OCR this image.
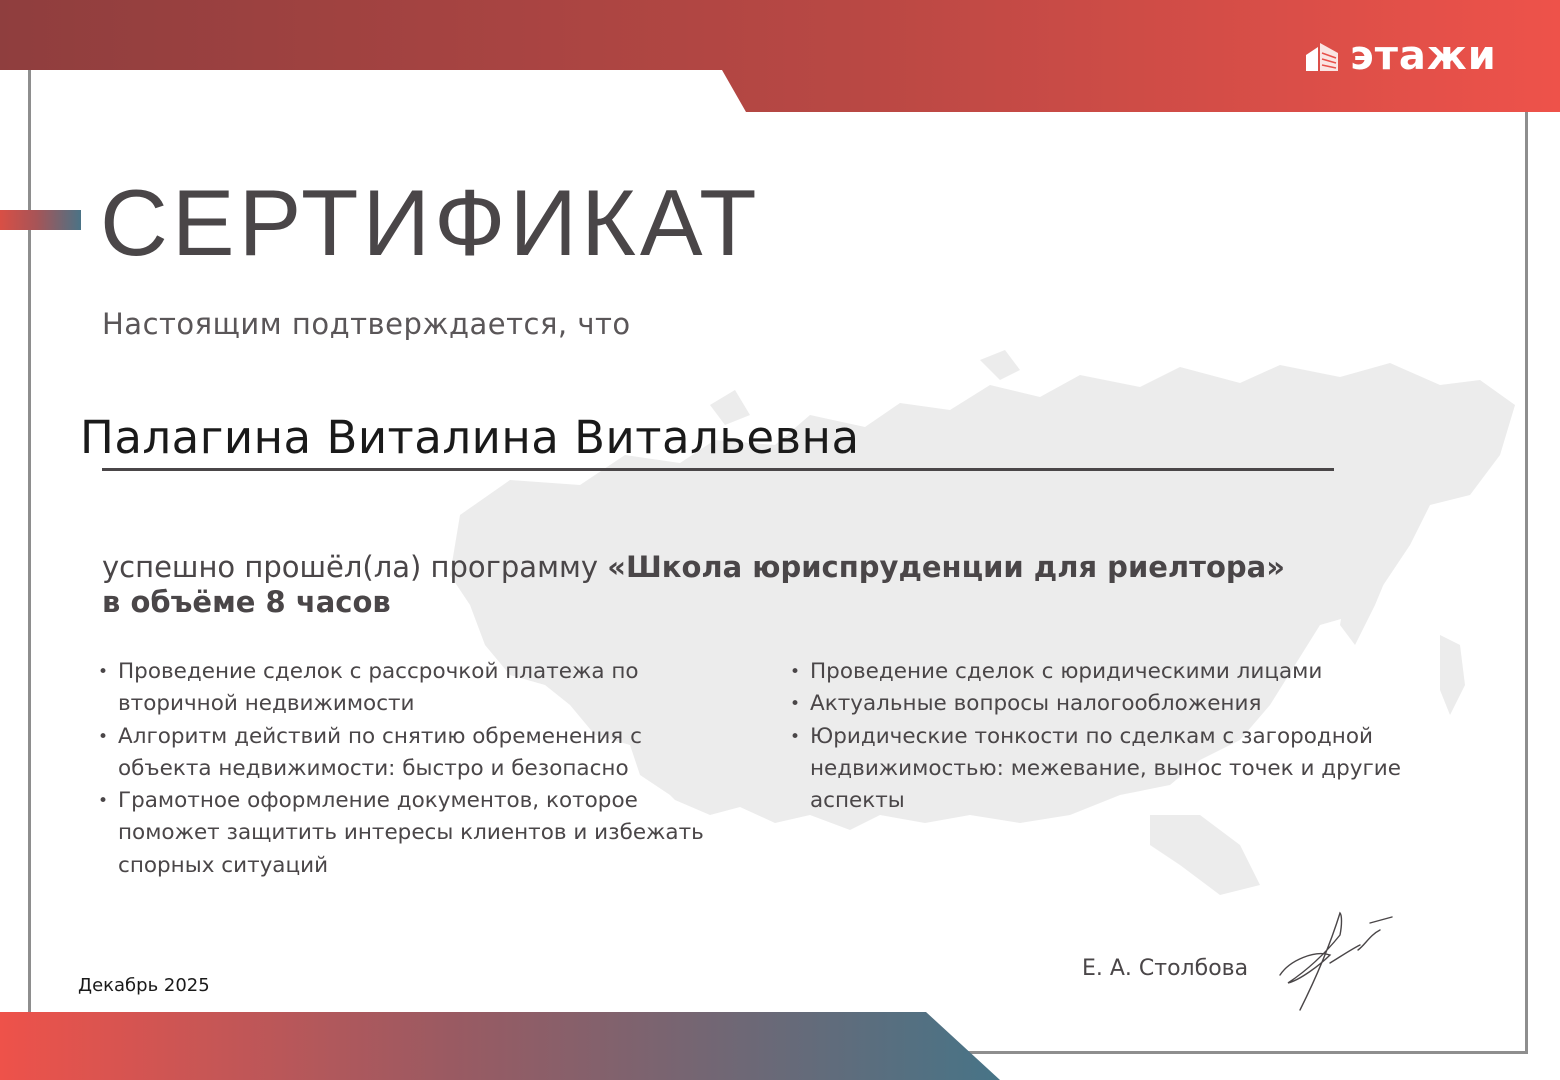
этажи
СЕРТИФИКАТ
Настоящим подтверждается, что
Палагина Виталина Витальевна
успешно прошёл(ла) программу «Школа юриспруденции для риелтора»
в объёме 8 часов
• Проведение сделок с рассрочкой платежа по вторичной недвижимости
• Алгоритм действий по снятию обременения с объекта недвижимости: быстро и безопасно
• Грамотное оформление документов, которое поможет защитить интересы клиентов и избежать спорных ситуаций
• Проведение сделок с юридическими лицами
• Актуальные вопросы налогообложения
• Юридические тонкости по сделкам с загородной недвижимостью: межевание, вынос точек и другие аспекты
Декабрь 2025
Е. А. Столбова
